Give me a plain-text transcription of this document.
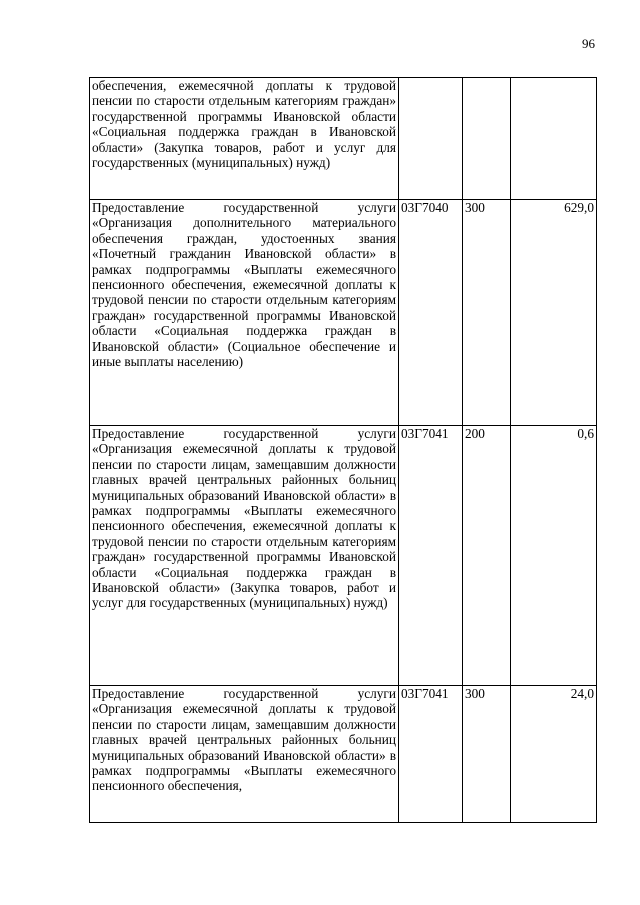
96
обеспечения, ежемесячной доплаты к трудовой пенсии по старости отдельным категориям граждан» государственной программы Ивановской области «Социальная поддержка граждан в Ивановской области» (Закупка товаров, работ и услуг для государственных (муниципальных) нужд)			
Предоставление государственной услуги «Организация дополнительного материального обеспечения граждан, удостоенных звания «Почетный гражданин Ивановской области» в рамках подпрограммы «Выплаты ежемесячного пенсионного обеспечения, ежемесячной доплаты к трудовой пенсии по старости отдельным категориям граждан» государственной программы Ивановской области «Социальная поддержка граждан в Ивановской области» (Социальное обеспечение и иные выплаты населению)	03Г7040	300	629,0
Предоставление государственной услуги «Организация ежемесячной доплаты к трудовой пенсии по старости лицам, замещавшим должности главных врачей центральных районных больниц муниципальных образований Ивановской области» в рамках подпрограммы «Выплаты ежемесячного пенсионного обеспечения, ежемесячной доплаты к трудовой пенсии по старости отдельным категориям граждан» государственной программы Ивановской области «Социальная поддержка граждан в Ивановской области» (Закупка товаров, работ и услуг для государственных (муниципальных) нужд)	03Г7041	200	0,6
Предоставление государственной услуги «Организация ежемесячной доплаты к трудовой пенсии по старости лицам, замещавшим должности главных врачей центральных районных больниц муниципальных образований Ивановской области» в рамках подпрограммы «Выплаты ежемесячного пенсионного обеспечения,	03Г7041	300	24,0
